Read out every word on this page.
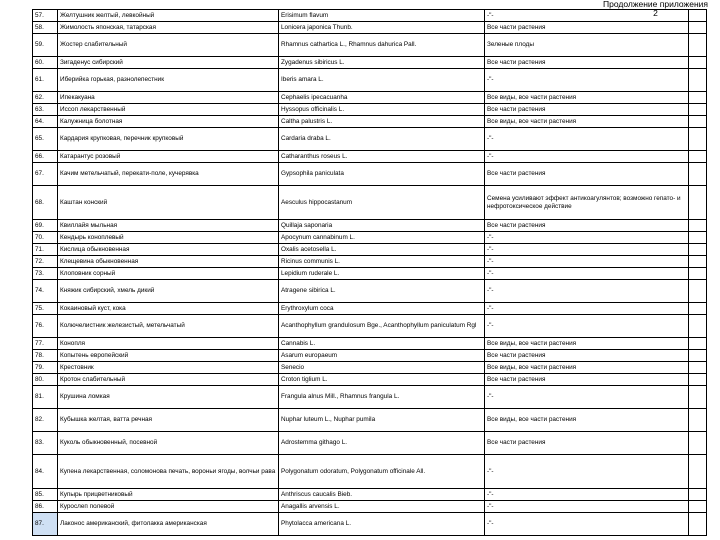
Продолжение приложения
2
57.	Желтушник желтый, левкойный	Erisimum flavum	-"-	
58.	Жимолость японская, татарская	Lonicera japonica Thunb.	Все части растения	
59.	Жостер слабительный	Rhamnus cathartica L., Rhamnus dahurica Pall.	Зеленые плоды	
60.	Зигаденус сибирский	Zygadenus sibiricus L.	Все части растения	
61.	Иберийка горькая, разнолепестник	Iberis amara L.	-"-	
62.	Ипекакуана	Cephaelis ipecacuanha	Все виды, все части растения	
63.	Иссоп лекарственный	Hyssopus officinalis L.	Все части растения	
64.	Калужница болотная	Caltha palustris L.	Все виды, все части растения	
65.	Кардария крупковая, перечник крупковый	Cardaria draba L.	-"-	
66.	Катарантус розовый	Catharanthus roseus L.	-"-	
67.	Качим метельчатый, перекати-поле, кучерявка	Gypsophila paniculata	Все части растения	
68.	Каштан конский	Aesculus hippocastanum	Семена усиливают эффект антикоагулянтов; возможно гепато- и нефротоксическое действие	
69.	Квиллайя мыльная	Quillaja saponaria	Все части растения	
70.	Кендырь коноплевый	Apocynum cannabinum L.	-"-	
71.	Кислица обыкновенная	Oxalis acetosella L.	-"-	
72.	Клещевина обыкновенная	Ricinus communis L.	-"-	
73.	Клоповник сорный	Lepidium ruderale L.	-"-	
74.	Княжик сибирский, хмель дикий	Atragene sibirica L.	-"-	
75.	Кокаиновый куст, кока	Erythroxylum coca	-"-	
76.	Колючелистник железистый, метельчатый	Acanthophyllum grandulosum Bge., Acanthophyllum paniculatum Rgl	-"-	
77.	Конопля	Cannabis L.	Все виды, все части растения	
78.	Копытень европейский	Asarum europaeum	Все части растения	
79.	Крестовник	Senecio	Все виды, все части растения	
80.	Кротон слабительный	Croton tiglium L.	Все части растения	
81.	Крушина ломкая	Frangula alnus Mill., Rhamnus frangula L.	-"-	
82.	Кубышка желтая, ватта речная	Nuphar luteum L., Nuphar pumila	Все виды, все части растения	
83.	Куколь обыкновенный, посевной	Adrostemma githago L.	Все части растения	
84.	Купена лекарственная, соломонова печать, вороньи ягоды, волчьи рава	Polygonatum odoratum, Polygonatum officinale All.	-"-	
85.	Купырь прицветниковый	Anthriscus caucalis Bieb.	-"-	
86.	Курослеп полевой	Anagallis arvensis L.	-"-	
87.	Лаконос американский, фитолакка американская	Phytolacca americana L.	-"-	
